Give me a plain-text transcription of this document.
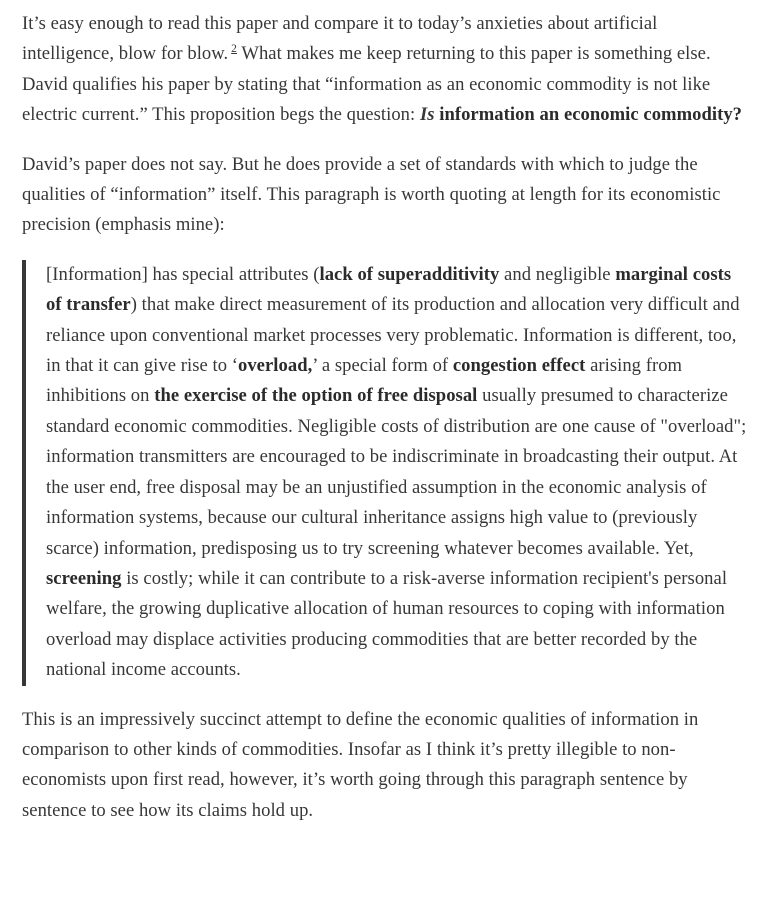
It’s easy enough to read this paper and compare it to today’s anxieties about artificial intelligence, blow for blow. $^2$ What makes me keep returning to this paper is something else. David qualifies his paper by stating that “information as an economic commodity is not like electric current.” This proposition begs the question: Is information an economic commodity?

David’s paper does not say. But he does provide a set of standards with which to judge the qualities of “information” itself. This paragraph is worth quoting at length for its economistic precision (emphasis mine):

[Information] has special attributes (lack of superadditivity and negligible marginal costs of transfer) that make direct measurement of its production and allocation very difficult and reliance upon conventional market processes very problematic. Information is different, too, in that it can give rise to ‘overload,’ a special form of congestion effect arising from inhibitions on the exercise of the option of free disposal usually presumed to characterize standard economic commodities. Negligible costs of distribution are one cause of "overload"; information transmitters are encouraged to be indiscriminate in broadcasting their output. At the user end, free disposal may be an unjustified assumption in the economic analysis of information systems, because our cultural inheritance assigns high value to (previously scarce) information, predisposing us to try screening whatever becomes available. Yet, screening is costly; while it can contribute to a risk-averse information recipient's personal welfare, the growing duplicative allocation of human resources to coping with information overload may displace activities producing commodities that are better recorded by the national income accounts.

This is an impressively succinct attempt to define the economic qualities of information in comparison to other kinds of commodities. Insofar as I think it’s pretty illegible to non-economists upon first read, however, it’s worth going through this paragraph sentence by sentence to see how its claims hold up.
